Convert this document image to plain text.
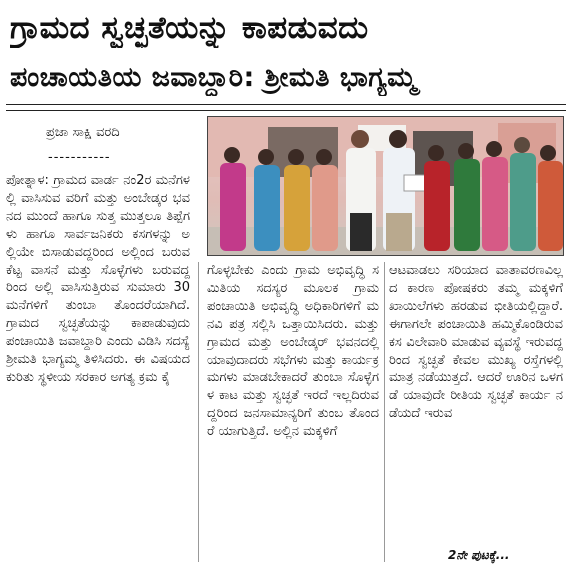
ಗ್ರಾಮದ ಸ್ವಚ್ಛತೆಯನ್ನು ಕಾಪಡುವದು
ಪಂಚಾಯತಿಯ ಜವಾಬ್ದಾರಿ: ಶ್ರೀಮತಿ ಭಾಗ್ಯಮ್ಮ
ಪ್ರಜಾ ಸಾಕ್ಷಿ ವರದಿ
-----------
ಪೋತ್ನಾಳ: ಗ್ರಾಮದ ವಾರ್ಡ ನಂ2ರ ಮನೆಗಳಲ್ಲಿ ವಾಸಿಸುವ ವರಿಗೆ ಮತ್ತು ಅಂಬೇಡ್ಕರ ಭವನದ ಮುಂದೆ ಹಾಗೂ ಸುತ್ತ ಮುತ್ತಲೂ ತಿಪ್ಪೆಗಳು ಹಾಗೂ ಸಾರ್ವಜನಿಕರು ಕಸಗಳನ್ನು ಅಲ್ಲಿಯೇ ಬಿಸಾಡುವದ್ದರಿಂದ ಅಲ್ಲಿಂದ ಬರುವ ಕೆಟ್ಟ ವಾಸನೆ ಮತ್ತು ಸೊಳ್ಳೆಗಳು ಬರುವದ್ದರಿಂದ ಅಲ್ಲಿ ವಾಸಿಸುತ್ತಿರುವ ಸುಮಾರು 30 ಮನೆಗಳಿಗೆ ತುಂಬಾ ತೊಂದರೆಯಾಗಿದೆ. ಗ್ರಾಮದ ಸ್ವಚ್ಛತೆಯನ್ನು ಕಾಪಾಡುವುದು ಪಂಚಾಯಿತಿ ಜವಾಬ್ದಾರಿ ಎಂದು ವಿಡಿಸಿ ಸದಸ್ಯೆ ಶ್ರೀಮತಿ ಭಾಗ್ಯಮ್ಮ ತಿಳಿಸಿದರು. ಈ ವಿಷಯದ ಕುರಿತು ಸ್ಥಳೀಯ ಸರಕಾರ ಅಗತ್ಯ ಕ್ರಮ ಕೈ
ಗೊಳ್ಳಬೇಕು ಎಂದು ಗ್ರಾಮ ಅಭಿವೃದ್ಧಿ ಸಮಿತಿಯ ಸದಸ್ಯರ ಮೂಲಕ ಗ್ರಾಮ ಪಂಚಾಯಿತಿ ಅಭಿವೃದ್ಧಿ ಅಧಿಕಾರಿಗಳಿಗೆ ಮನವಿ ಪತ್ರ ಸಲ್ಲಿಸಿ ಒತ್ತಾಯಿಸಿದರು. ಮತ್ತು ಗ್ರಾಮದ ಮತ್ತು ಅಂಬೇಡ್ಕರ್ ಭವನದಲ್ಲಿ ಯಾವುದಾದರು ಸಭೆಗಳು ಮತ್ತು ಕಾರ್ಯಕ್ರಮಗಳು ಮಾಡಬೇಕಾದರೆ ತುಂಬಾ ಸೊಳ್ಳೆಗಳ ಕಾಟ ಮತ್ತು ಸ್ವಚ್ಛತೆ ಇರದೆ ಇಲ್ಲದಿರುವದ್ದರಿಂದ ಜನಸಾಮಾನ್ಯರಿಗೆ ತುಂಬ ತೊಂದರೆ ಯಾಗುತ್ತಿದೆ. ಅಲ್ಲಿನ ಮಕ್ಕಳಿಗೆ
ಆಟವಾಡಲು ಸರಿಯಾದ ವಾತಾವರಣವಿಲ್ಲದ ಕಾರಣ ಪೋಷಕರು ತಮ್ಮ ಮಕ್ಕಳಿಗೆ ಖಾಯಿಲೆಗಳು ಹರಡುವ ಭೀತಿಯಲ್ಲಿದ್ದಾರೆ. ಈಗಾಗಲೇ ಪಂಚಾಯಿತಿ ಹಮ್ಮಿಕೊಂಡಿರುವ ಕಸ ವಿಲೇವಾರಿ ಮಾಡುವ ವ್ಯವಸ್ಥೆ ಇರುವದ್ದರಿಂದ ಸ್ವಚ್ಛತೆ ಕೇವಲ ಮುಖ್ಯ ರಸ್ತೆಗಳಲ್ಲಿ ಮಾತ್ರ ನಡೆಯುತ್ತದೆ. ಆದರೆ ಊರಿನ ಒಳಗಡೆ ಯಾವುದೇ ರೀತಿಯ ಸ್ವಚ್ಛತೆ ಕಾರ್ಯ ನಡೆಯದೆ ಇರುವ
2ನೇ ಪುಟಕ್ಕೆ...
